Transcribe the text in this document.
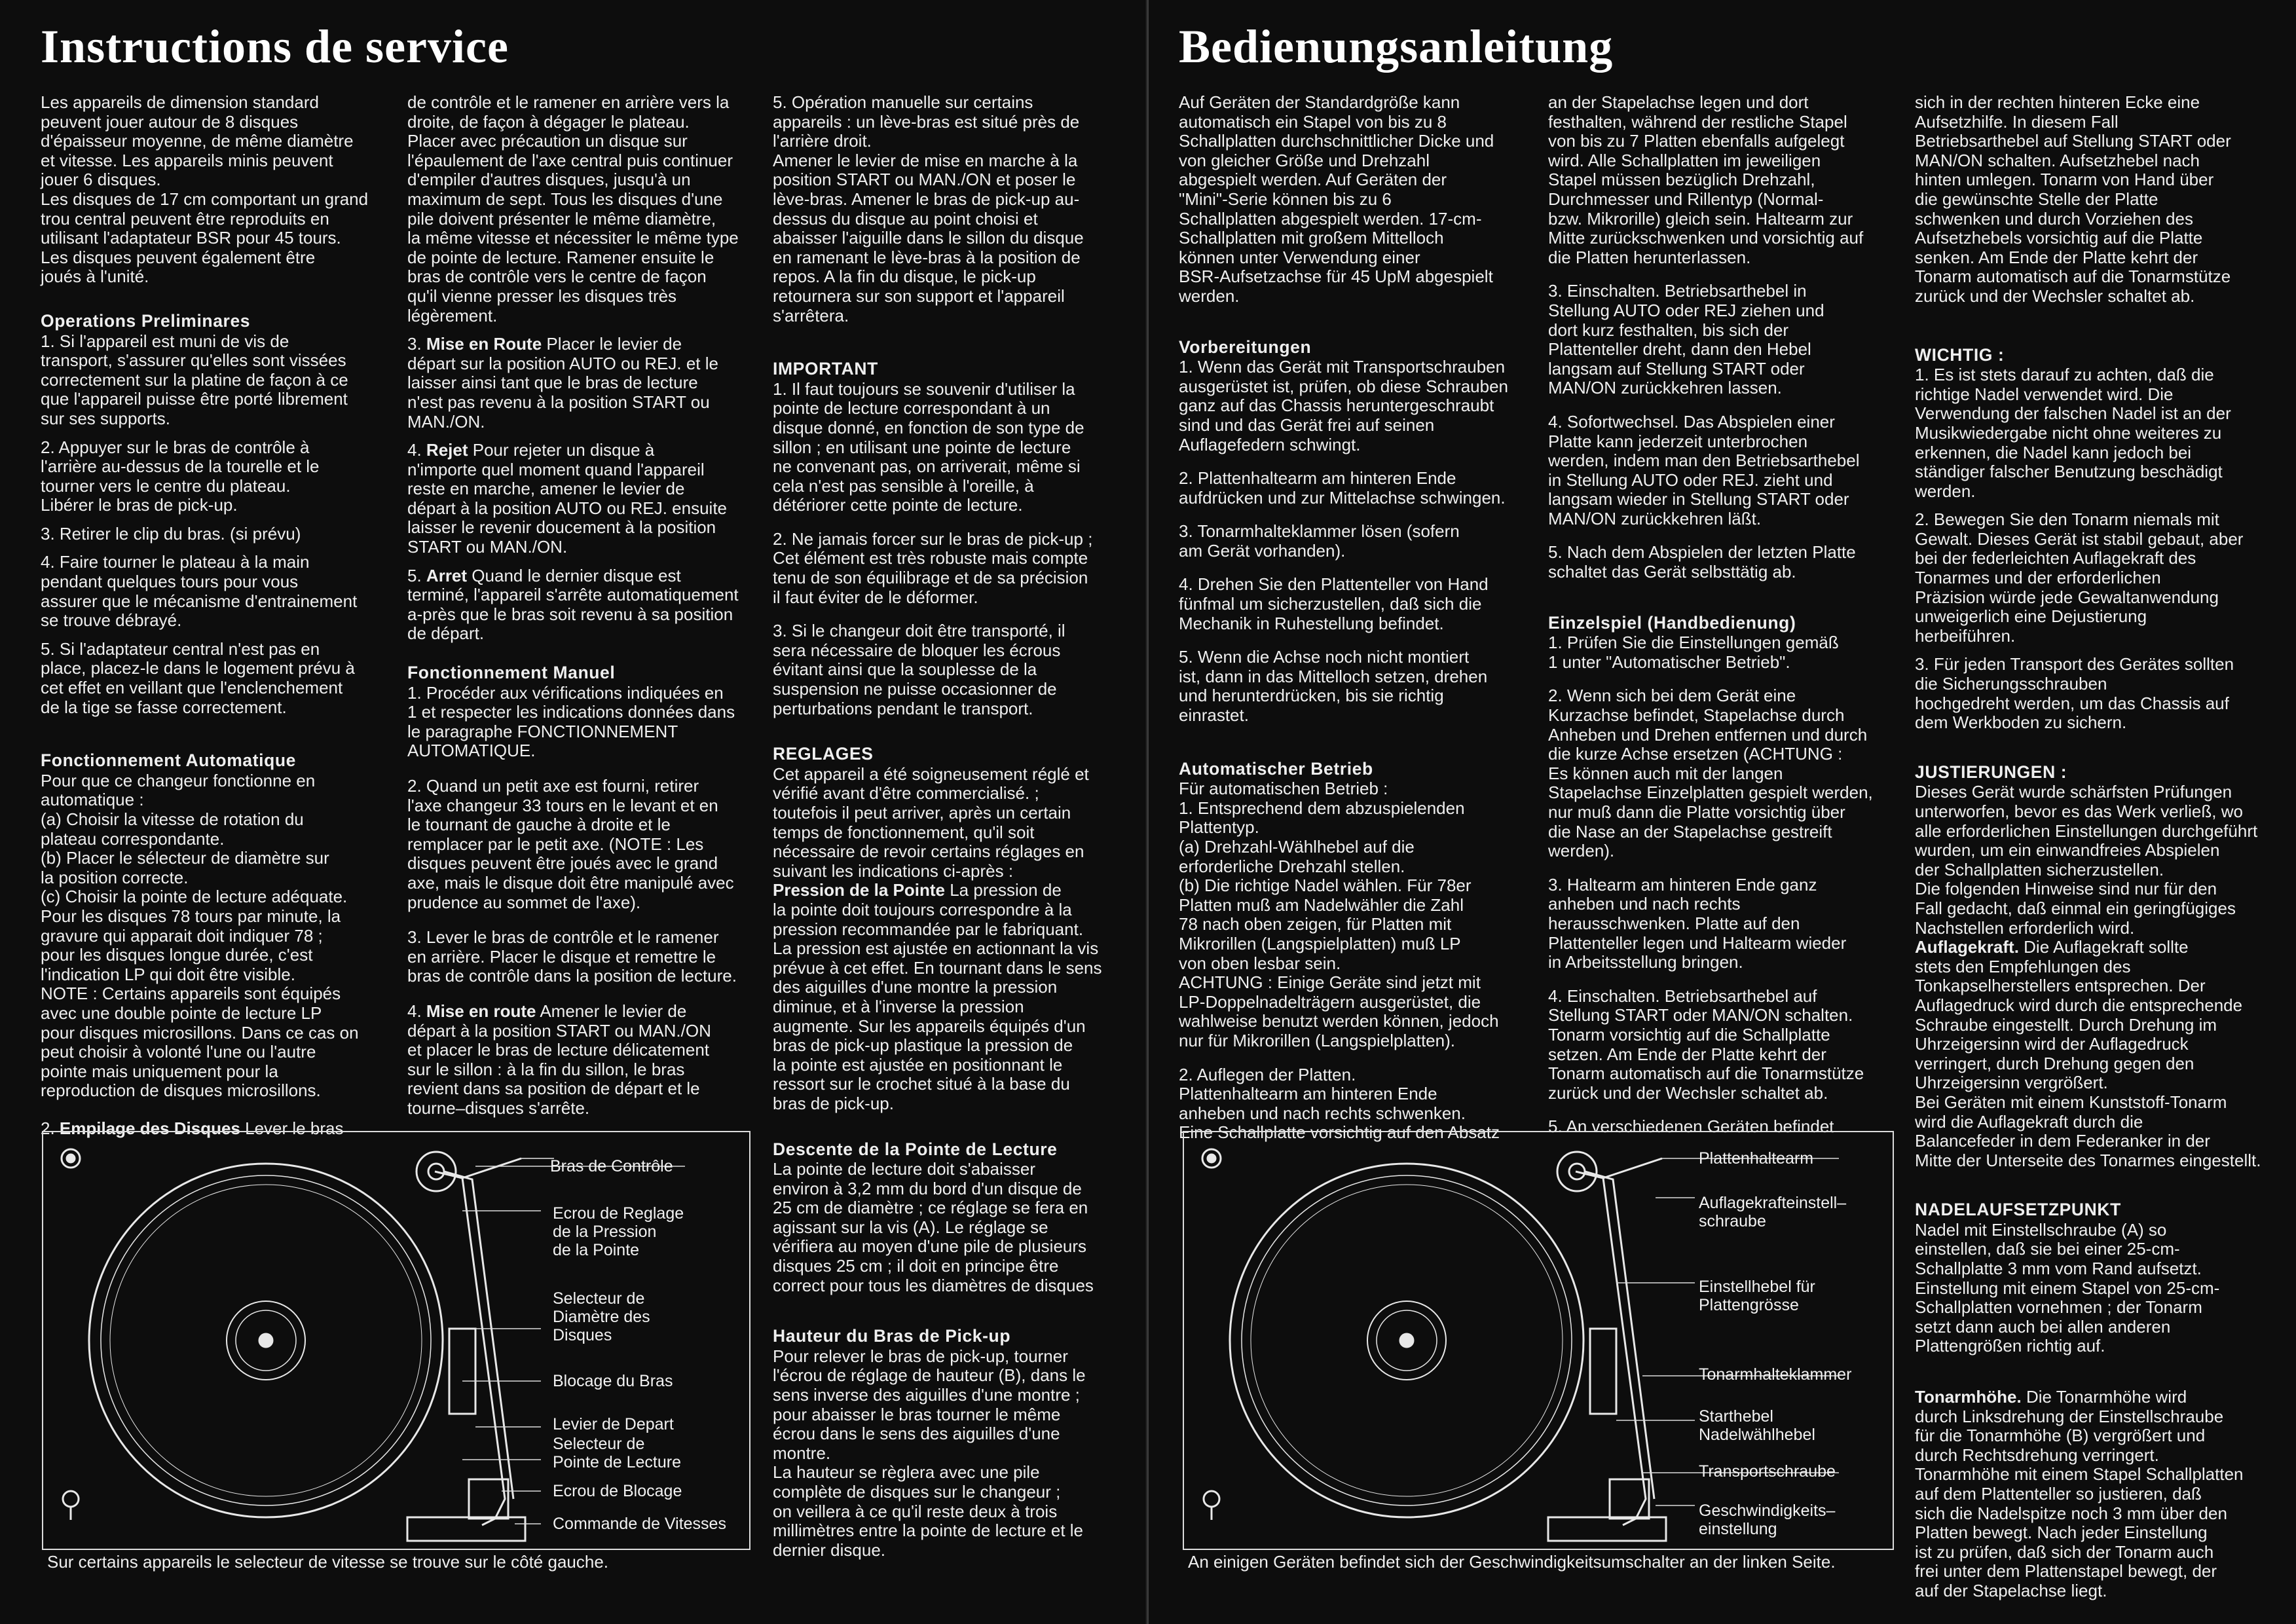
Instructions de service

Les appareils de dimension standard
peuvent jouer autour de 8 disques
d'épaisseur moyenne, de même diamètre
et vitesse. Les appareils minis peuvent
jouer 6 disques.
Les disques de 17 cm comportant un grand
trou central peuvent être reproduits en
utilisant l'adaptateur BSR pour 45 tours.
Les disques peuvent également être
joués à l'unité.

Operations Preliminares

1. Si l'appareil est muni de vis de
transport, s'assurer qu'elles sont vissées
correctement sur la platine de façon à ce
que l'appareil puisse être porté librement
sur ses supports.

2. Appuyer sur le bras de contrôle à
l'arrière au-dessus de la tourelle et le
tourner vers le centre du plateau.
Libérer le bras de pick-up.

3. Retirer le clip du bras. (si prévu)

4. Faire tourner le plateau à la main
pendant quelques tours pour vous
assurer que le mécanisme d'entrainement
se trouve débrayé.

5. Si l'adaptateur central n'est pas en
place, placez-le dans le logement prévu à
cet effet en veillant que l'enclenchement
de la tige se fasse correctement.

Fonctionnement Automatique

Pour que ce changeur fonctionne en
automatique :
(a) Choisir la vitesse de rotation du
plateau correspondante.
(b) Placer le sélecteur de diamètre sur
la position correcte.
(c) Choisir la pointe de lecture adéquate.
Pour les disques 78 tours par minute, la
gravure qui apparait doit indiquer 78 ;
pour les disques longue durée, c'est
l'indication LP qui doit être visible.
NOTE : Certains appareils sont équipés
avec une double pointe de lecture LP
pour disques microsillons. Dans ce cas on
peut choisir à volonté l'une ou l'autre
pointe mais uniquement pour la
reproduction de disques microsillons.

2. Empilage des Disques Lever le bras

de contrôle et le ramener en arrière vers la
droite, de façon à dégager le plateau.
Placer avec précaution un disque sur
l'épaulement de l'axe central puis continuer
d'empiler d'autres disques, jusqu'à un
maximum de sept. Tous les disques d'une
pile doivent présenter le même diamètre,
la même vitesse et nécessiter le même type
de pointe de lecture. Ramener ensuite le
bras de contrôle vers le centre de façon
qu'il vienne presser les disques très
légèrement.

3. Mise en Route Placer le levier de
départ sur la position AUTO ou REJ. et le
laisser ainsi tant que le bras de lecture
n'est pas revenu à la position START ou
MAN./ON.

4. Rejet Pour rejeter un disque à
n'importe quel moment quand l'appareil
reste en marche, amener le levier de
départ à la position AUTO ou REJ. ensuite
laisser le revenir doucement à la position
START ou MAN./ON.

5. Arret Quand le dernier disque est
terminé, l'appareil s'arrête automatiquement
a-près que le bras soit revenu à sa position
de départ.

Fonctionnement Manuel

1. Procéder aux vérifications indiquées en
1 et respecter les indications données dans
le paragraphe FONCTIONNEMENT
AUTOMATIQUE.

2. Quand un petit axe est fourni, retirer
l'axe changeur 33 tours en le levant et en
le tournant de gauche à droite et le
remplacer par le petit axe. (NOTE : Les
disques peuvent être joués avec le grand
axe, mais le disque doit être manipulé avec
prudence au sommet de l'axe).

3. Lever le bras de contrôle et le ramener
en arrière. Placer le disque et remettre le
bras de contrôle dans la position de lecture.

4. Mise en route Amener le levier de
départ à la position START ou MAN./ON
et placer le bras de lecture délicatement
sur le sillon : à la fin du sillon, le bras
revient dans sa position de départ et le
tourne–disques s'arrête.

5. Opération manuelle sur certains
appareils : un lève-bras est situé près de
l'arrière droit.
Amener le levier de mise en marche à la
position START ou MAN./ON et poser le
lève-bras. Amener le bras de pick-up au-
dessus du disque au point choisi et
abaisser l'aiguille dans le sillon du disque
en ramenant le lève-bras à la position de
repos. A la fin du disque, le pick-up
retournera sur son support et l'appareil
s'arrêtera.

IMPORTANT

1. Il faut toujours se souvenir d'utiliser la
pointe de lecture correspondant à un
disque donné, en fonction de son type de
sillon ; en utilisant une pointe de lecture
ne convenant pas, on arriverait, même si
cela n'est pas sensible à l'oreille, à
détériorer cette pointe de lecture.

2. Ne jamais forcer sur le bras de pick-up ;
Cet élément est très robuste mais compte
tenu de son équilibrage et de sa précision
il faut éviter de le déformer.

3. Si le changeur doit être transporté, il
sera nécessaire de bloquer les écrous
évitant ainsi que la souplesse de la
suspension ne puisse occasionner de
perturbations pendant le transport.

REGLAGES

Cet appareil a été soigneusement réglé et
vérifié avant d'être commercialisé. ;
toutefois il peut arriver, après un certain
temps de fonctionnement, qu'il soit
nécessaire de revoir certains réglages en
suivant les indications ci-après :

Pression de la Pointe La pression de
la pointe doit toujours correspondre à la
pression recommandée par le fabriquant.
La pression est ajustée en actionnant la vis
prévue à cet effet. En tournant dans le sens
des aiguilles d'une montre la pression
diminue, et à l'inverse la pression
augmente. Sur les appareils équipés d'un
bras de pick-up plastique la pression de
la pointe est ajustée en positionnant le
ressort sur le crochet situé à la base du
bras de pick-up.

Descente de la Pointe de Lecture

La pointe de lecture doit s'abaisser
environ à 3,2 mm du bord d'un disque de
25 cm de diamètre ; ce réglage se fera en
agissant sur la vis (A). Le réglage se
vérifiera au moyen d'une pile de plusieurs
disques 25 cm ; il doit en principe être
correct pour tous les diamètres de disques

Hauteur du Bras de Pick-up

Pour relever le bras de pick-up, tourner
l'écrou de réglage de hauteur (B), dans le
sens inverse des aiguilles d'une montre ;
pour abaisser le bras tourner le même
écrou dans le sens des aiguilles d'une
montre.
La hauteur se règlera avec une pile
complète de disques sur le changeur ;
on veillera à ce qu'il reste deux à trois
millimètres entre la pointe de lecture et le
dernier disque.

Bras de Contrôle
Ecrou de Reglage
de la Pression
de la Pointe
Selecteur de
Diamètre des
Disques
Blocage du Bras
Levier de Depart
Selecteur de
Pointe de Lecture
Ecrou de Blocage
Commande de Vitesses
Sur certains appareils le selecteur de vitesse se trouve sur le côté gauche.
Bedienungsanleitung

Auf Geräten der Standardgröße kann
automatisch ein Stapel von bis zu 8
Schallplatten durchschnittlicher Dicke und
von gleicher Größe und Drehzahl
abgespielt werden. Auf Geräten der
"Mini"-Serie können bis zu 6
Schallplatten abgespielt werden. 17-cm-
Schallplatten mit großem Mittelloch
können unter Verwendung einer
BSR-Aufsetzachse für 45 UpM abgespielt
werden.

Vorbereitungen

1. Wenn das Gerät mit Transportschrauben
ausgerüstet ist, prüfen, ob diese Schrauben
ganz auf das Chassis heruntergeschraubt
sind und das Gerät frei auf seinen
Auflagefedern schwingt.

2. Plattenhaltearm am hinteren Ende
aufdrücken und zur Mittelachse schwingen.

3. Tonarmhalteklammer lösen (sofern
am Gerät vorhanden).

4. Drehen Sie den Plattenteller von Hand
fünfmal um sicherzustellen, daß sich die
Mechanik in Ruhestellung befindet.

5. Wenn die Achse noch nicht montiert
ist, dann in das Mittelloch setzen, drehen
und herunterdrücken, bis sie richtig
einrastet.

Automatischer Betrieb

Für automatischen Betrieb :
1. Entsprechend dem abzuspielenden
Plattentyp.
(a) Drehzahl-Wählhebel auf die
erforderliche Drehzahl stellen.
(b) Die richtige Nadel wählen. Für 78er
Platten muß am Nadelwähler die Zahl
78 nach oben zeigen, für Platten mit
Mikrorillen (Langspielplatten) muß LP
von oben lesbar sein.
ACHTUNG : Einige Geräte sind jetzt mit
LP-Doppelnadelträgern ausgerüstet, die
wahlweise benutzt werden können, jedoch
nur für Mikrorillen (Langspielplatten).

2. Auflegen der Platten.
Plattenhaltearm am hinteren Ende
anheben und nach rechts schwenken.
Eine Schallplatte vorsichtig auf den Absatz

an der Stapelachse legen und dort
festhalten, während der restliche Stapel
von bis zu 7 Platten ebenfalls aufgelegt
wird. Alle Schallplatten im jeweiligen
Stapel müssen bezüglich Drehzahl,
Durchmesser und Rillentyp (Normal-
bzw. Mikrorille) gleich sein. Haltearm zur
Mitte zurückschwenken und vorsichtig auf
die Platten herunterlassen.

3. Einschalten. Betriebsarthebel in
Stellung AUTO oder REJ ziehen und
dort kurz festhalten, bis sich der
Plattenteller dreht, dann den Hebel
langsam auf Stellung START oder
MAN/ON zurückkehren lassen.

4. Sofortwechsel. Das Abspielen einer
Platte kann jederzeit unterbrochen
werden, indem man den Betriebsarthebel
in Stellung AUTO oder REJ. zieht und
langsam wieder in Stellung START oder
MAN/ON zurückkehren läßt.

5. Nach dem Abspielen der letzten Platte
schaltet das Gerät selbsttätig ab.

Einzelspiel (Handbedienung)

1. Prüfen Sie die Einstellungen gemäß
1 unter "Automatischer Betrieb".

2. Wenn sich bei dem Gerät eine
Kurzachse befindet, Stapelachse durch
Anheben und Drehen entfernen und durch
die kurze Achse ersetzen (ACHTUNG :
Es können auch mit der langen
Stapelachse Einzelplatten gespielt werden,
nur muß dann die Platte vorsichtig über
die Nase an der Stapelachse gestreift
werden).

3. Haltearm am hinteren Ende ganz
anheben und nach rechts
herausschwenken. Platte auf den
Plattenteller legen und Haltearm wieder
in Arbeitsstellung bringen.

4. Einschalten. Betriebsarthebel auf
Stellung START oder MAN/ON schalten.
Tonarm vorsichtig auf die Schallplatte
setzen. Am Ende der Platte kehrt der
Tonarm automatisch auf die Tonarmstütze
zurück und der Wechsler schaltet ab.

5. An verschiedenen Geräten befindet

sich in der rechten hinteren Ecke eine
Aufsetzhilfe. In diesem Fall
Betriebsarthebel auf Stellung START oder
MAN/ON schalten. Aufsetzhebel nach
hinten umlegen. Tonarm von Hand über
die gewünschte Stelle der Platte
schwenken und durch Vorziehen des
Aufsetzhebels vorsichtig auf die Platte
senken. Am Ende der Platte kehrt der
Tonarm automatisch auf die Tonarmstütze
zurück und der Wechsler schaltet ab.

WICHTIG :

1. Es ist stets darauf zu achten, daß die
richtige Nadel verwendet wird. Die
Verwendung der falschen Nadel ist an der
Musikwiedergabe nicht ohne weiteres zu
erkennen, die Nadel kann jedoch bei
ständiger falscher Benutzung beschädigt
werden.

2. Bewegen Sie den Tonarm niemals mit
Gewalt. Dieses Gerät ist stabil gebaut, aber
bei der federleichten Auflagekraft des
Tonarmes und der erforderlichen
Präzision würde jede Gewaltanwendung
unweigerlich eine Dejustierung
herbeiführen.

3. Für jeden Transport des Gerätes sollten
die Sicherungsschrauben
hochgedreht werden, um das Chassis auf
dem Werkboden zu sichern.

JUSTIERUNGEN :

Dieses Gerät wurde schärfsten Prüfungen
unterworfen, bevor es das Werk verließ, wo
alle erforderlichen Einstellungen durchgeführt
wurden, um ein einwandfreies Abspielen
der Schallplatten sicherzustellen.
Die folgenden Hinweise sind nur für den
Fall gedacht, daß einmal ein geringfügiges
Nachstellen erforderlich wird.

Auflagekraft. Die Auflagekraft sollte
stets den Empfehlungen des
Tonkapselherstellers entsprechen. Der
Auflagedruck wird durch die entsprechende
Schraube eingestellt. Durch Drehung im
Uhrzeigersinn wird der Auflagedruck
verringert, durch Drehung gegen den
Uhrzeigersinn vergrößert.
Bei Geräten mit einem Kunststoff-Tonarm
wird die Auflagekraft durch die
Balancefeder in dem Federanker in der
Mitte der Unterseite des Tonarmes eingestellt.

NADELAUFSETZPUNKT

Nadel mit Einstellschraube (A) so
einstellen, daß sie bei einer 25-cm-
Schallplatte 3 mm vom Rand aufsetzt.
Einstellung mit einem Stapel von 25-cm-
Schallplatten vornehmen ; der Tonarm
setzt dann auch bei allen anderen
Plattengrößen richtig auf.

Tonarmhöhe. Die Tonarmhöhe wird
durch Linksdrehung der Einstellschraube
für die Tonarmhöhe (B) vergrößert und
durch Rechtsdrehung verringert.
Tonarmhöhe mit einem Stapel Schallplatten
auf dem Plattenteller so justieren, daß
sich die Nadelspitze noch 3 mm über den
Platten bewegt. Nach jeder Einstellung
ist zu prüfen, daß sich der Tonarm auch
frei unter dem Plattenstapel bewegt, der
auf der Stapelachse liegt.

Plattenhaltearm
Auflagekrafteinstell–
schraube
Einstellhebel für
Plattengrösse
Tonarmhalteklammer
Starthebel
Nadelwählhebel
Transportschraube
Geschwindigkeits–
einstellung
An einigen Geräten befindet sich der Geschwindigkeitsumschalter an der linken Seite.
